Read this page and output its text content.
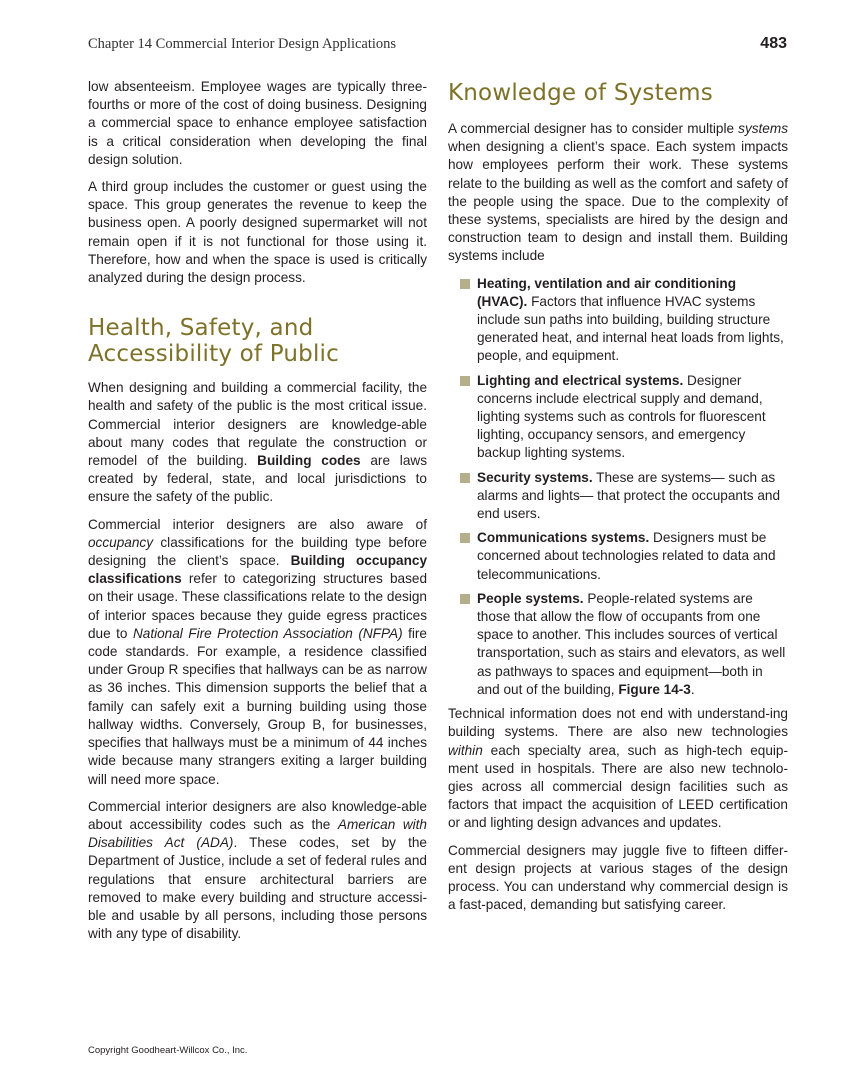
Chapter 14 Commercial Interior Design Applications	483

low absenteeism. Employee wages are typically three-fourths or more of the cost of doing business. Designing a commercial space to enhance employee satisfaction is a critical consideration when developing the final design solution.

A third group includes the customer or guest using the space. This group generates the revenue to keep the business open. A poorly designed supermarket will not remain open if it is not functional for those using it. Therefore, how and when the space is used is critically analyzed during the design process.

Health, Safety, and
Accessibility of Public

When designing and building a commercial facility, the health and safety of the public is the most critical issue. Commercial interior designers are knowledge-able about many codes that regulate the construction or remodel of the building. Building codes are laws created by federal, state, and local jurisdictions to ensure the safety of the public.

Commercial interior designers are also aware of occupancy classifications for the building type before designing the client’s space. Building occupancy classifications refer to categorizing structures based on their usage. These classifications relate to the design of interior spaces because they guide egress practices due to National Fire Protection Association (NFPA) fire code standards. For example, a residence classified under Group R specifies that hallways can be as narrow as 36 inches. This dimension supports the belief that a family can safely exit a burning building using those hallway widths. Conversely, Group B, for businesses, specifies that hallways must be a minimum of 44 inches wide because many strangers exiting a larger building will need more space.

Commercial interior designers are also knowledge-able about accessibility codes such as the American with Disabilities Act (ADA). These codes, set by the Department of Justice, include a set of federal rules and regulations that ensure architectural barriers are removed to make every building and structure accessi-ble and usable by all persons, including those persons with any type of disability.

Knowledge of Systems

A commercial designer has to consider multiple systems when designing a client’s space. Each system impacts how employees perform their work. These systems relate to the building as well as the comfort and safety of the people using the space. Due to the complexity of these systems, specialists are hired by the design and construction team to design and install them. Building systems include

Heating, ventilation and air conditioning (HVAC). Factors that influence HVAC systems include sun paths into building, building structure generated heat, and internal heat loads from lights, people, and equipment.
Lighting and electrical systems. Designer concerns include electrical supply and demand, lighting systems such as controls for fluorescent lighting, occupancy sensors, and emergency backup lighting systems.
Security systems. These are systems— such as alarms and lights— that protect the occupants and end users.
Communications systems. Designers must be concerned about technologies related to data and telecommunications.
People systems. People-related systems are those that allow the flow of occupants from one space to another. This includes sources of vertical transportation, such as stairs and elevators, as well as pathways to spaces and equipment—both in and out of the building, Figure 14-3.

Technical information does not end with understand-ing building systems. There are also new technologies within each specialty area, such as high-tech equip-ment used in hospitals. There are also new technolo-gies across all commercial design facilities such as factors that impact the acquisition of LEED certification or and lighting design advances and updates.

Commercial designers may juggle five to fifteen differ-ent design projects at various stages of the design process. You can understand why commercial design is a fast-paced, demanding but satisfying career.

Copyright Goodheart-Willcox Co., Inc.
